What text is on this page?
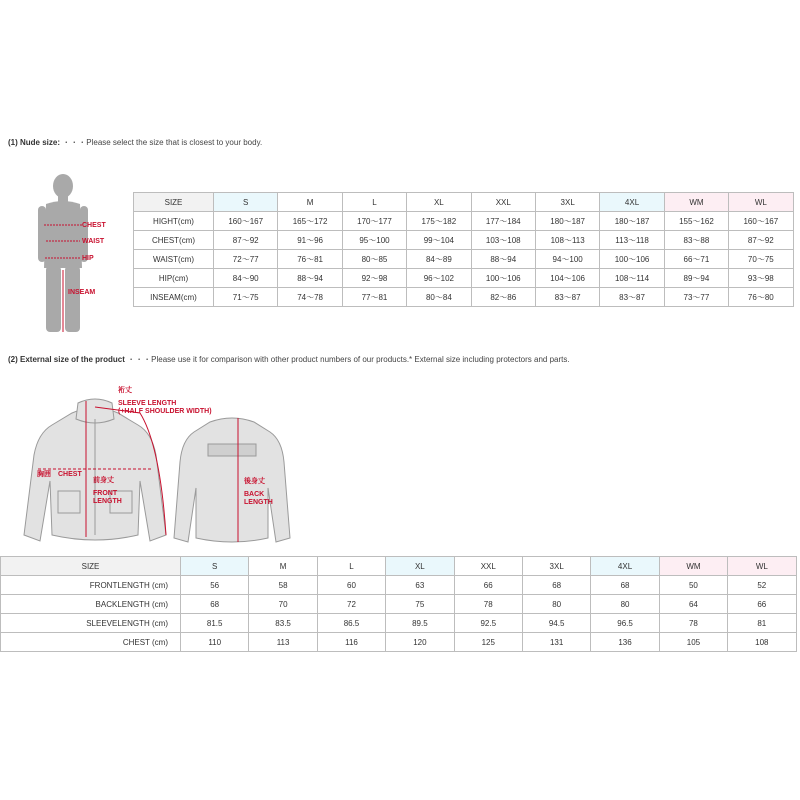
(1) Nude size: ・・・Please select the size that is closest to your body.
CHEST
WAIST
HIP
INSEAM
SIZE	S	M	L	XL	XXL	3XL	4XL	WM	WL
HIGHT(cm)	160～167	165～172	170～177	175～182	177～184	180～187	180～187	155～162	160～167
CHEST(cm)	87～92	91～96	95～100	99～104	103～108	108～113	113～118	83～88	87～92
WAIST(cm)	72～77	76～81	80～85	84～89	88～94	94～100	100～106	66～71	70～75
HIP(cm)	84～90	88～94	92～98	96～102	100～106	104～106	108～114	89～94	93～98
INSEAM(cm)	71～75	74～78	77～81	80～84	82～86	83～87	83～87	73～77	76～80
(2) External size of the product ・・・Please use it for comparison with other product numbers of our products.* External size including protectors and parts.
裄丈
SLEEVE LENGTH
(+HALF SHOULDER WIDTH)
胸囲 CHEST
前身丈
FRONT
LENGTH
後身丈
BACK
LENGTH
SIZE	S	M	L	XL	XXL	3XL	4XL	WM	WL
FRONTLENGTH (cm)	56	58	60	63	66	68	68	50	52
BACKLENGTH (cm)	68	70	72	75	78	80	80	64	66
SLEEVELENGTH (cm)	81.5	83.5	86.5	89.5	92.5	94.5	96.5	78	81
CHEST (cm)	110	113	116	120	125	131	136	105	108
